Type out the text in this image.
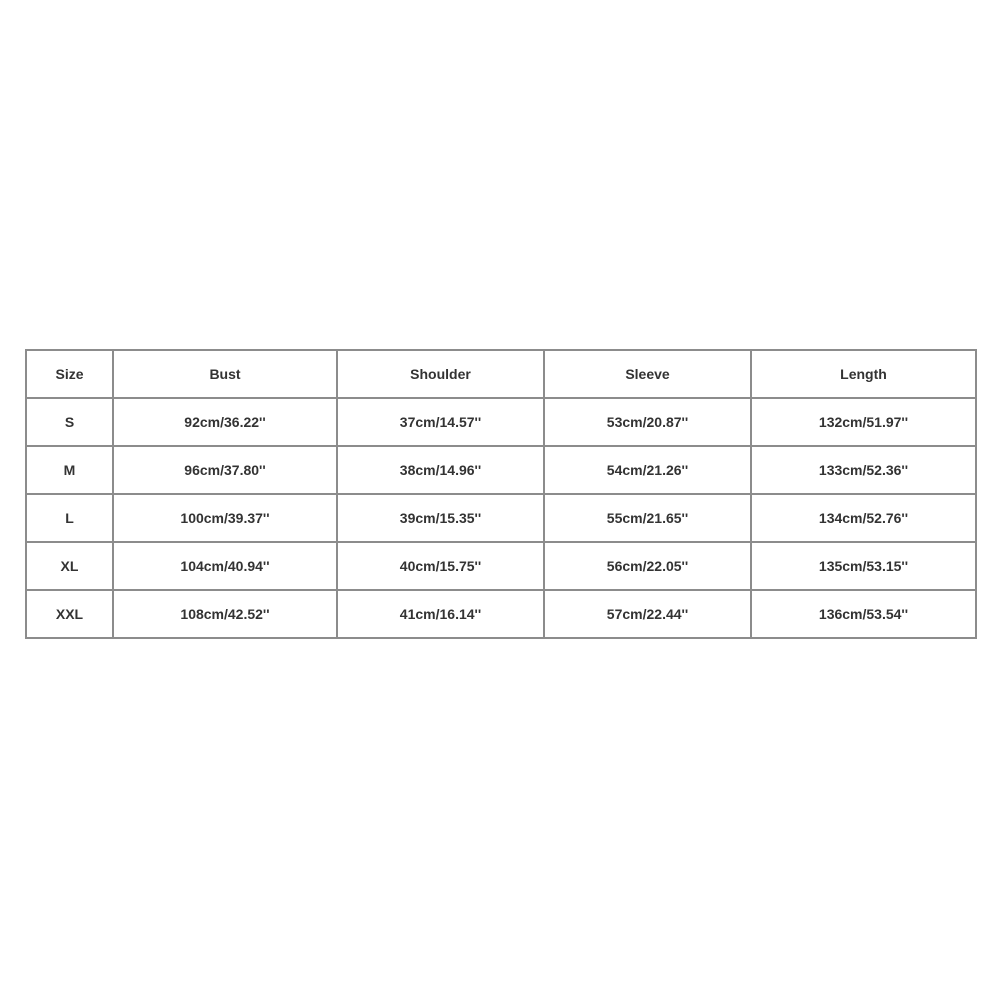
Size	Bust	Shoulder	Sleeve	Length
S	92cm/36.22''	37cm/14.57''	53cm/20.87''	132cm/51.97''
M	96cm/37.80''	38cm/14.96''	54cm/21.26''	133cm/52.36''
L	100cm/39.37''	39cm/15.35''	55cm/21.65''	134cm/52.76''
XL	104cm/40.94''	40cm/15.75''	56cm/22.05''	135cm/53.15''
XXL	108cm/42.52''	41cm/16.14''	57cm/22.44''	136cm/53.54''
